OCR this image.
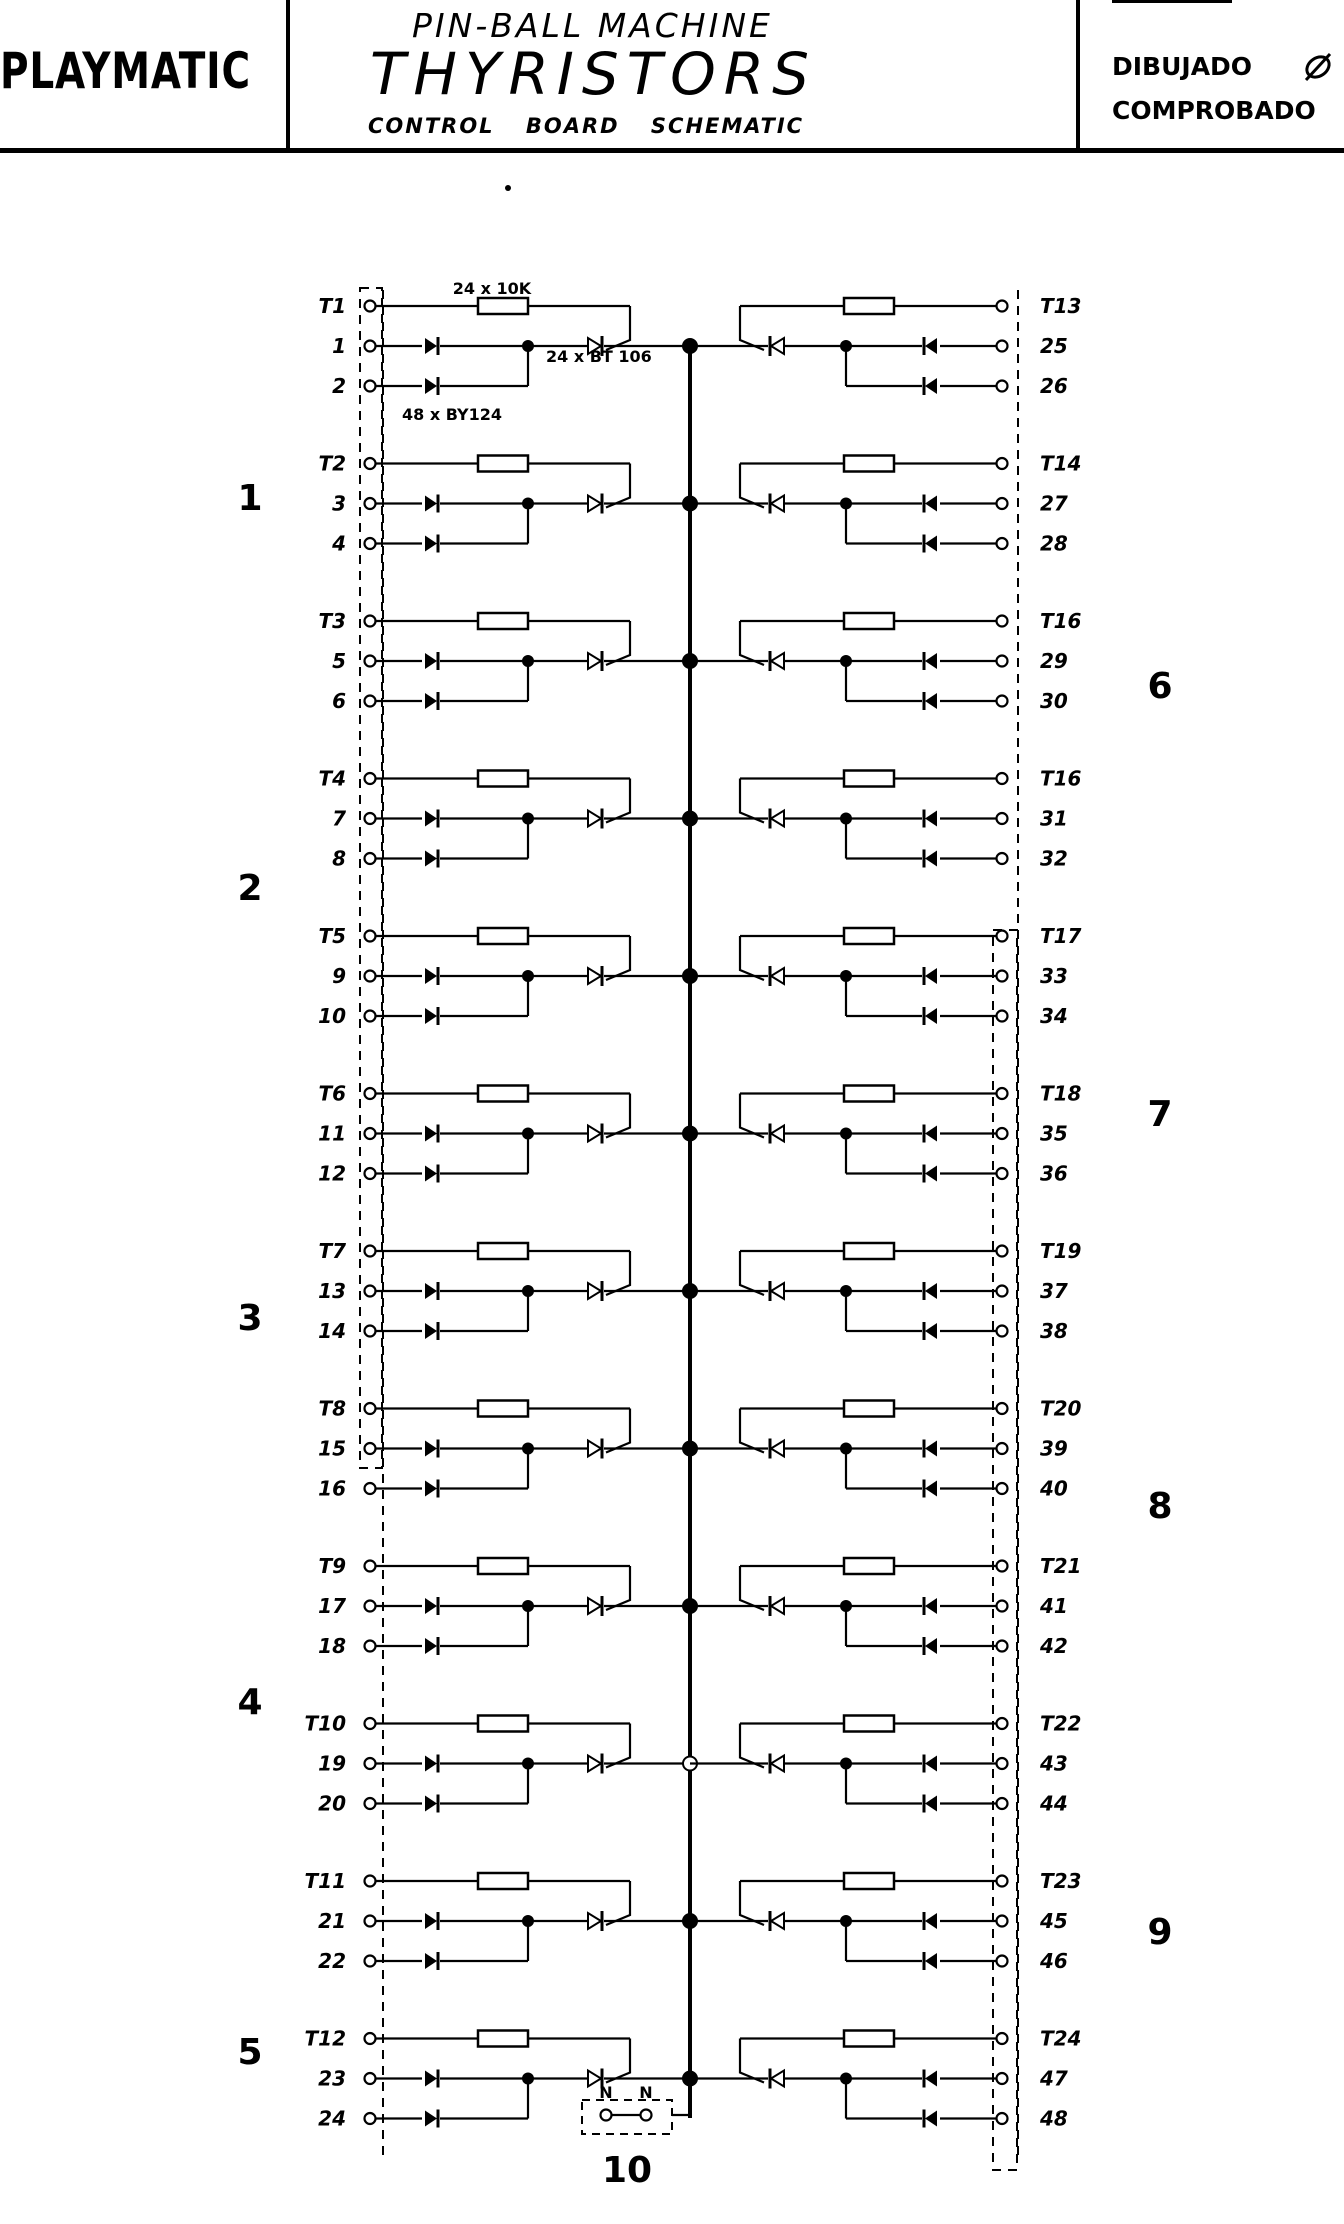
PLAYMATIC
PIN-BALL MACHINE
THYRISTORS
CONTROL BOARD SCHEMATIC
DIBUJADO
COMPROBADO
T1
1
2
T2
3
4
T3
5
6
T4
7
8
T5
9
10
T6
11
12
T7
13
14
T8
15
16
T9
17
18
T10
19
20
T11
21
22
T12
23
24
T13
25
26
T14
27
28
T16
29
30
T16
31
32
T17
33
34
T18
35
36
T19
37
38
T20
39
40
T21
41
42
T22
43
44
T23
45
46
T24
47
48
1
2
3
4
5
6
7
8
9
N N
10
24 x 10K
24 x BT 106
48 x BY124
